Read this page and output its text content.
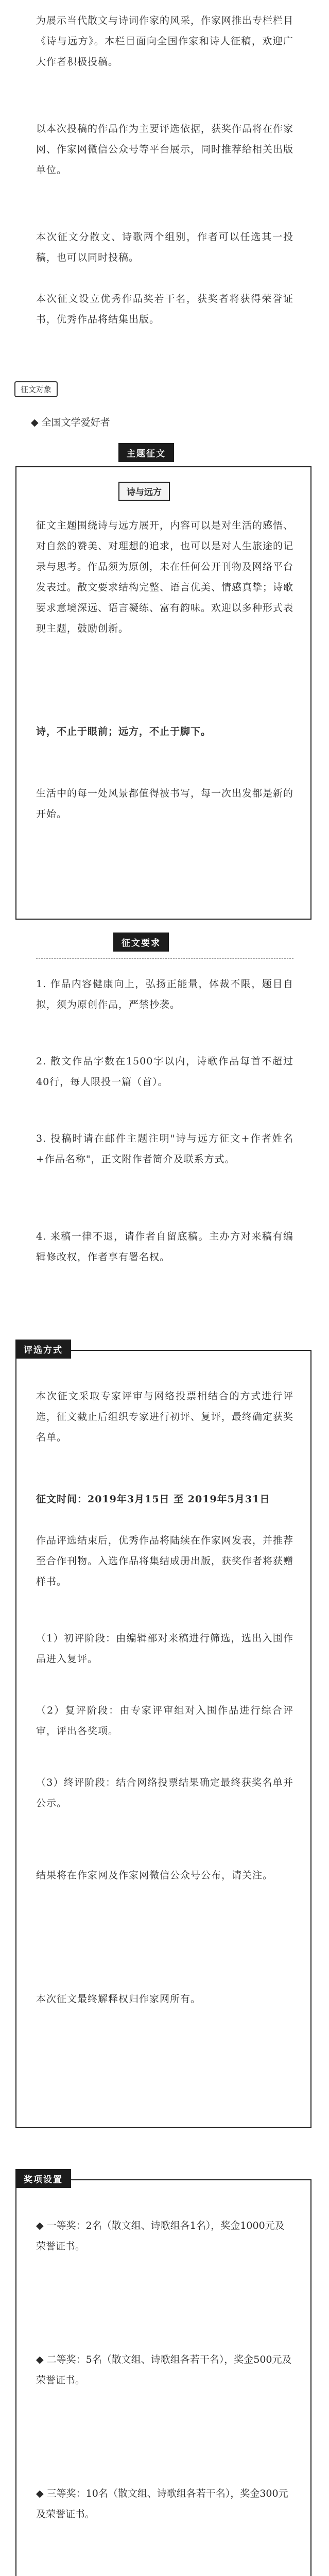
为展示当代散文与诗词作家的风采，作家网推出专栏栏目《诗与远方》。本栏目面向全国作家和诗人征稿，欢迎广大作者积极投稿。

以本次投稿的作品作为主要评选依据，获奖作品将在作家网、作家网微信公众号等平台展示，同时推荐给相关出版单位。

本次征文分散文、诗歌两个组别，作者可以任选其一投稿，也可以同时投稿。

本次征文设立优秀作品奖若干名，获奖者将获得荣誉证书，优秀作品将结集出版。

征文对象
◆ 全国文学爱好者
主题征文
诗与远方

征文主题围绕诗与远方展开，内容可以是对生活的感悟、对自然的赞美、对理想的追求，也可以是对人生旅途的记录与思考。作品须为原创，未在任何公开刊物及网络平台发表过。散文要求结构完整、语言优美、情感真挚；诗歌要求意境深远、语言凝练、富有韵味。欢迎以多种形式表现主题，鼓励创新。

诗，不止于眼前；远方，不止于脚下。

生活中的每一处风景都值得被书写，每一次出发都是新的开始。

征文要求

1. 作品内容健康向上，弘扬正能量，体裁不限，题目自拟，须为原创作品，严禁抄袭。

2. 散文作品字数在1500字以内，诗歌作品每首不超过40行，每人限投一篇（首）。

3. 投稿时请在邮件主题注明"诗与远方征文+作者姓名+作品名称"，正文附作者简介及联系方式。

4. 来稿一律不退，请作者自留底稿。主办方对来稿有编辑修改权，作者享有署名权。

评选方式

本次征文采取专家评审与网络投票相结合的方式进行评选，征文截止后组织专家进行初评、复评，最终确定获奖名单。

征文时间：2019年3月15日 至 2019年5月31日

作品评选结束后，优秀作品将陆续在作家网发表，并推荐至合作刊物。入选作品将集结成册出版，获奖作者将获赠样书。

（1）初评阶段：由编辑部对来稿进行筛选，选出入围作品进入复评。

（2）复评阶段：由专家评审组对入围作品进行综合评审，评出各奖项。

（3）终评阶段：结合网络投票结果确定最终获奖名单并公示。

结果将在作家网及作家网微信公众号公布，请关注。

本次征文最终解释权归作家网所有。

奖项设置
◆ 一等奖：2名（散文组、诗歌组各1名），奖金1000元及荣誉证书。
◆ 二等奖：5名（散文组、诗歌组各若干名），奖金500元及荣誉证书。
◆ 三等奖：10名（散文组、诗歌组各若干名），奖金300元及荣誉证书。
